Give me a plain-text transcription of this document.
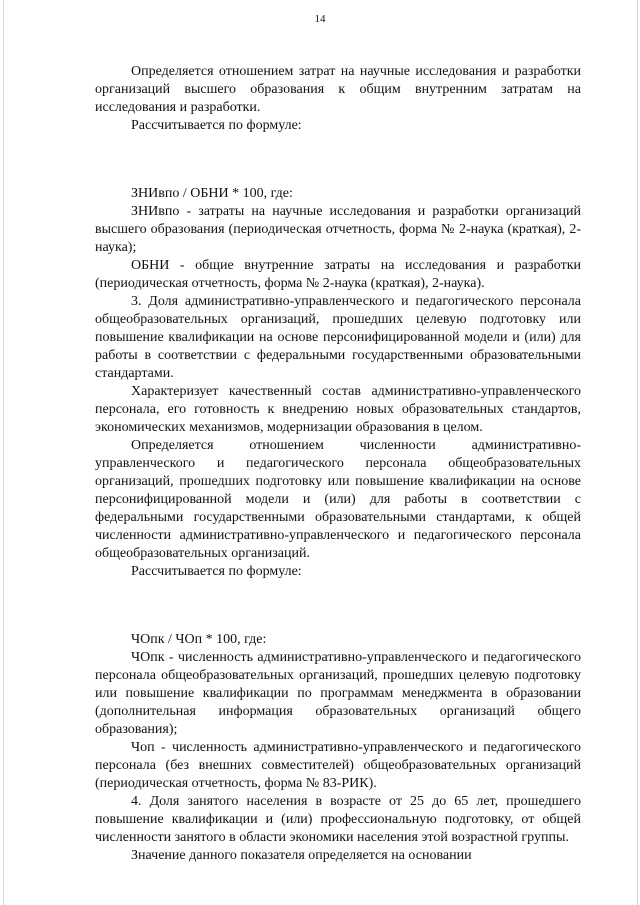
14

Определяется отношением затрат на научные исследования и разработки организаций высшего образования к общим внутренним затратам на исследования и разработки.

Рассчитывается по формуле:

ЗНИвпо / ОБНИ * 100, где:

ЗНИвпо - затраты на научные исследования и разработки организаций высшего образования (периодическая отчетность, форма № 2-наука (краткая), 2-наука);

ОБНИ - общие внутренние затраты на исследования и разработки (периодическая отчетность, форма № 2-наука (краткая), 2-наука).

3. Доля административно-управленческого и педагогического персонала общеобразовательных организаций, прошедших целевую подготовку или повышение квалификации на основе персонифицированной модели и (или) для работы в соответствии с федеральными государственными образовательными стандартами.

Характеризует качественный состав административно-управленческого персонала, его готовность к внедрению новых образовательных стандартов, экономических механизмов, модернизации образования в целом.

Определяется отношением численности административно-управленческого и педагогического персонала общеобразовательных организаций, прошедших подготовку или повышение квалификации на основе персонифицированной модели и (или) для работы в соответствии с федеральными государственными образовательными стандартами, к общей численности административно-управленческого и педагогического персонала общеобразовательных организаций.

Рассчитывается по формуле:

ЧОпк / ЧОп * 100, где:

ЧОпк - численность административно-управленческого и педагогического персонала общеобразовательных организаций, прошедших целевую подготовку или повышение квалификации по программам менеджмента в образовании (дополнительная информация образовательных организаций общего образования);

Чоп - численность административно-управленческого и педагогического персонала (без внешних совместителей) общеобразовательных организаций (периодическая отчетность, форма № 83-РИК).

4. Доля занятого населения в возрасте от 25 до 65 лет, прошедшего повышение квалификации и (или) профессиональную подготовку, от общей численности занятого в области экономики населения этой возрастной группы.

Значение данного показателя определяется на основании
